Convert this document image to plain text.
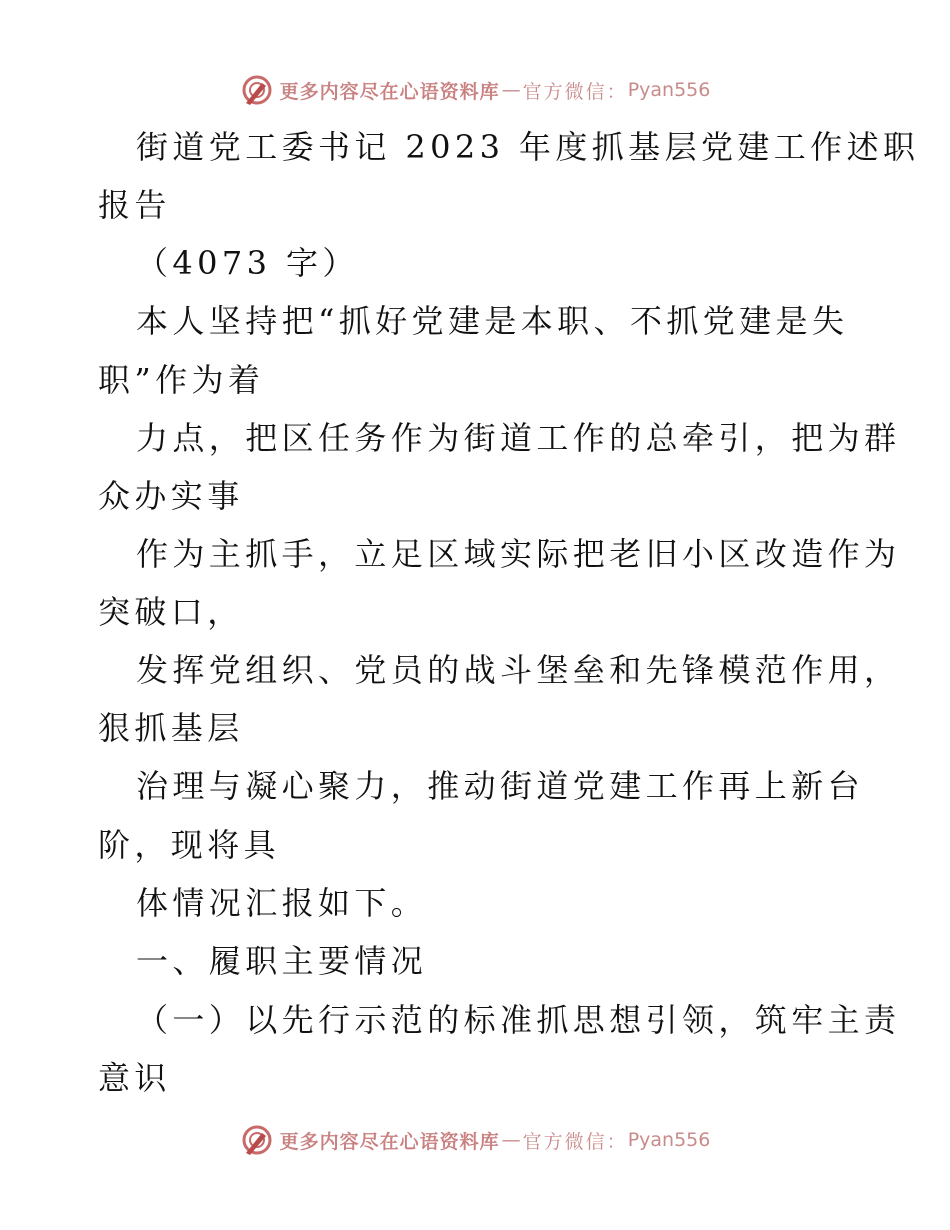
更多内容尽在心语资料库 — 官方微信： Pyan556
街道党工委书记 2023 年度抓基层党建工作述职
报告
（4073 字）
本人坚持把“抓好党建是本职、不抓党建是失
职”作为着
力点，把区任务作为街道工作的总牵引，把为群
众办实事
作为主抓手，立足区域实际把老旧小区改造作为
突破口，
发挥党组织、党员的战斗堡垒和先锋模范作用，
狠抓基层
治理与凝心聚力，推动街道党建工作再上新台
阶，现将具
体情况汇报如下。
一、履职主要情况
（一）以先行示范的标准抓思想引领，筑牢主责
意识
更多内容尽在心语资料库 — 官方微信： Pyan556
